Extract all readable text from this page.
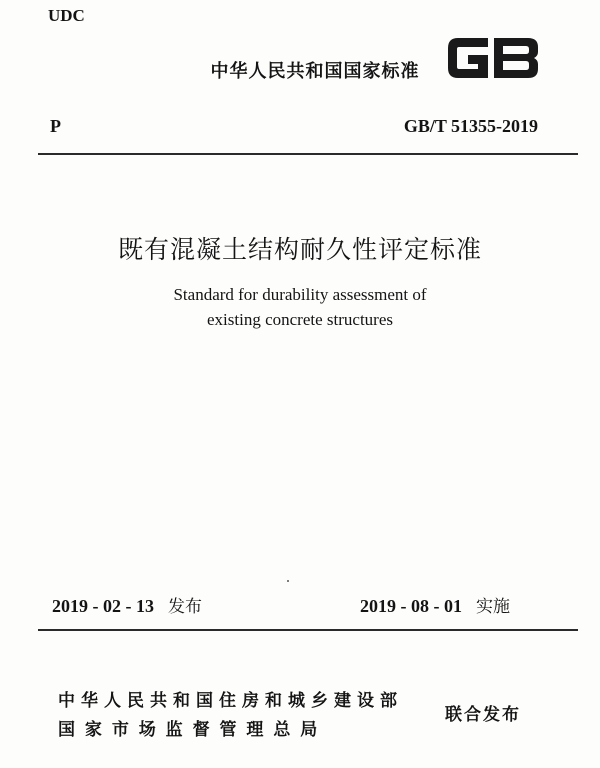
UDC
中华人民共和国国家标准
P	GB/T 51355-2019
既有混凝土结构耐久性评定标准
Standard for durability assessment of
existing concrete structures
2019 - 02 - 13 发布	2019 - 08 - 01 实施
中华人民共和国住房和城乡建设部
国 家 市 场 监 督 管 理 总 局
联合发布
